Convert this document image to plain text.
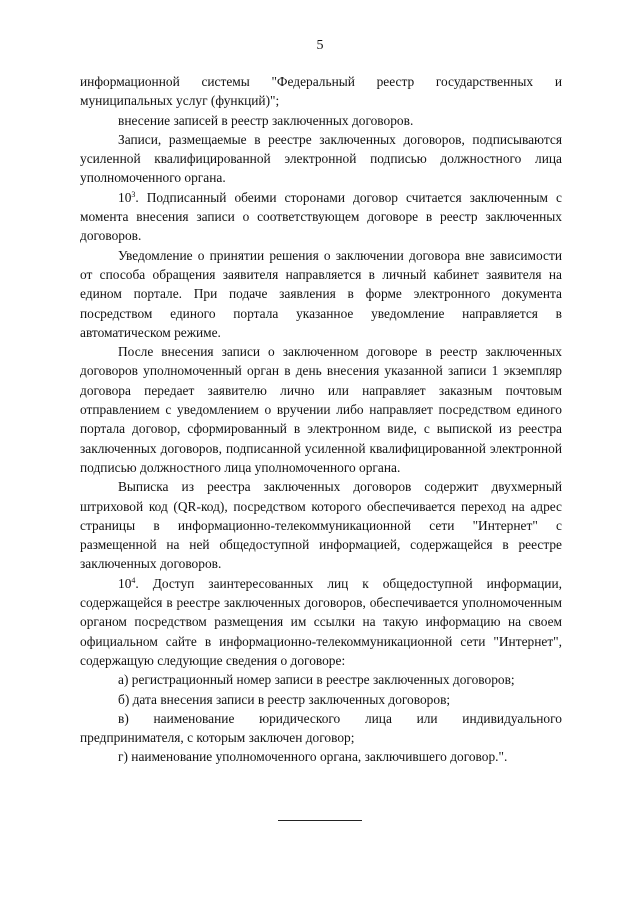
5

информационной системы "Федеральный реестр государственных и муниципальных услуг (функций)";

внесение записей в реестр заключенных договоров.

Записи, размещаемые в реестре заключенных договоров, подписываются усиленной квалифицированной электронной подписью должностного лица уполномоченного органа.

$10^3$. Подписанный обеими сторонами договор считается заключенным с момента внесения записи о соответствующем договоре в реестр заключенных договоров.

Уведомление о принятии решения о заключении договора вне зависимости от способа обращения заявителя направляется в личный кабинет заявителя на едином портале. При подаче заявления в форме электронного документа посредством единого портала указанное уведомление направляется в автоматическом режиме.

После внесения записи о заключенном договоре в реестр заключенных договоров уполномоченный орган в день внесения указанной записи 1 экземпляр договора передает заявителю лично или направляет заказным почтовым отправлением с уведомлением о вручении либо направляет посредством единого портала договор, сформированный в электронном виде, с выпиской из реестра заключенных договоров, подписанной усиленной квалифицированной электронной подписью должностного лица уполномоченного органа.

Выписка из реестра заключенных договоров содержит двухмерный штриховой код (QR-код), посредством которого обеспечивается переход на адрес страницы в информационно-телекоммуникационной сети "Интернет" с размещенной на ней общедоступной информацией, содержащейся в реестре заключенных договоров.

$10^4$. Доступ заинтересованных лиц к общедоступной информации, содержащейся в реестре заключенных договоров, обеспечивается уполномоченным органом посредством размещения им ссылки на такую информацию на своем официальном сайте в информационно-телекоммуникационной сети "Интернет", содержащую следующие сведения о договоре:

а) регистрационный номер записи в реестре заключенных договоров;

б) дата внесения записи в реестр заключенных договоров;

в) наименование юридического лица или индивидуального предпринимателя, с которым заключен договор;

г) наименование уполномоченного органа, заключившего договор.".
